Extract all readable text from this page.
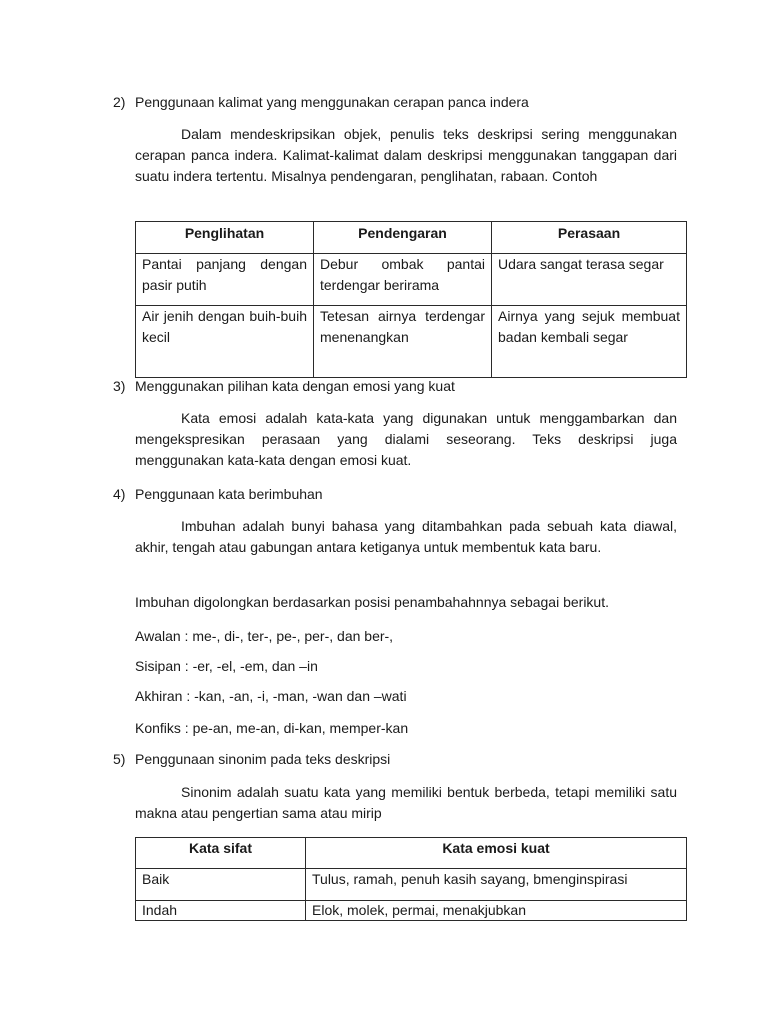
2) Penggunaan kalimat yang menggunakan cerapan panca indera

Dalam mendeskripsikan objek, penulis teks deskripsi sering menggunakan cerapan panca indera. Kalimat-kalimat dalam deskripsi menggunakan tanggapan dari suatu indera tertentu. Misalnya pendengaran, penglihatan, rabaan. Contoh

Penglihatan	Pendengaran	Perasaan
Pantai panjang dengan pasir putih	Debur ombak pantai terdengar berirama	Udara sangat terasa segar
Air jenih dengan buih-buih kecil	Tetesan airnya terdengar menenangkan	Airnya yang sejuk membuat badan kembali segar
3) Menggunakan pilihan kata dengan emosi yang kuat

Kata emosi adalah kata-kata yang digunakan untuk menggambarkan dan mengekspresikan perasaan yang dialami seseorang. Teks deskripsi juga menggunakan kata-kata dengan emosi kuat.

4) Penggunaan kata berimbuhan

Imbuhan adalah bunyi bahasa yang ditambahkan pada sebuah kata diawal, akhir, tengah atau gabungan antara ketiganya untuk membentuk kata baru.

Imbuhan digolongkan berdasarkan posisi penambahahnnya sebagai berikut.
Awalan : me-, di-, ter-, pe-, per-, dan ber-,
Sisipan : -er, -el, -em, dan –in
Akhiran : -kan, -an, -i, -man, -wan dan –wati
Konfiks : pe-an, me-an, di-kan, memper-kan
5) Penggunaan sinonim pada teks deskripsi

Sinonim adalah suatu kata yang memiliki bentuk berbeda, tetapi memiliki satu makna atau pengertian sama atau mirip

Kata sifat	Kata emosi kuat
Baik	Tulus, ramah, penuh kasih sayang, bmenginspirasi
Indah	Elok, molek, permai, menakjubkan
